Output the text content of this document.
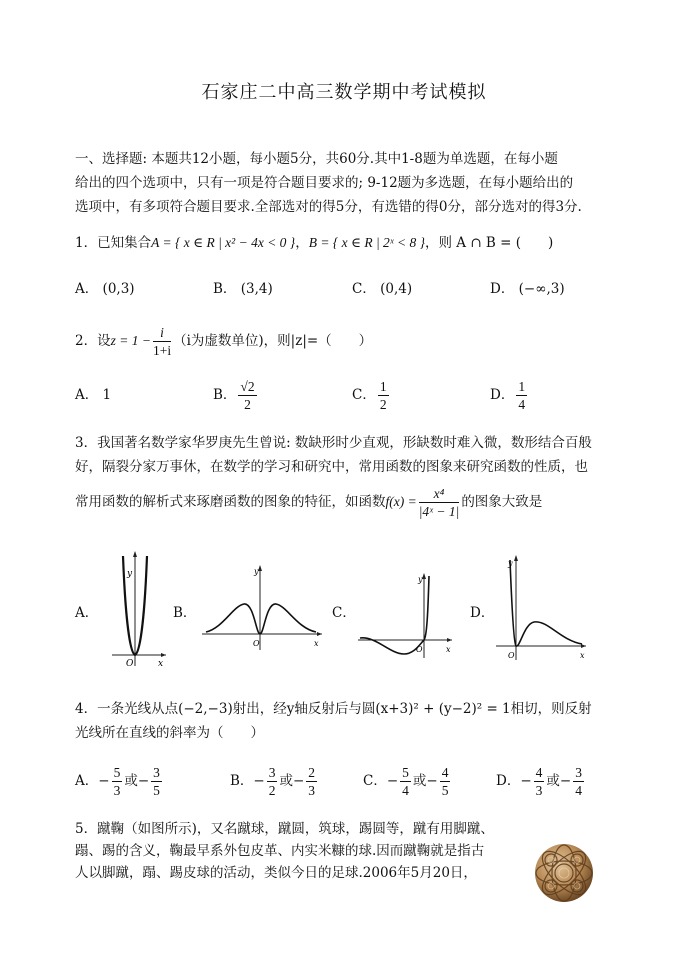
石家庄二中高三数学期中考试模拟
一、选择题: 本题共12小题，每小题5分，共60分.其中1-8题为单选题，在每小题
给出的四个选项中，只有一项是符合题目要求的; 9-12题为多选题，在每小题给出的
选项中，有多项符合题目要求.全部选对的得5分，有选错的得0分，部分选对的得3分.
1．已知集合A = { x ∈ R | x² − 4x < 0 }，B = { x ∈ R | 2ˣ < 8 }，则 A ∩ B = (　　)
A． (0,3)	B． (3,4)	C． (0,4)	D． (−∞,3)
2．设$z = 1 - \frac{i}{1+i} (i$为虚数单位)，则|z|=（　　）
A． 1	B． $\frac{√2}{2}$	C． $\frac{1}{2}$	D． $\frac{1}{4}$
3．我国著名数学家华罗庚先生曾说: 数缺形时少直观，形缺数时难入微，数形结合百般
好，隔裂分家万事休，在数学的学习和研究中，常用函数的图象来研究函数的性质，也
常用函数的解析式来琢磨函数的图象的特征，如函数$f(x) = \frac{\text{x⁴}}{\text{|4ˣ − 1|}}$ 的图象大致是
A．	B．	C．	D．
y
x
O
y
x
O
y
x
O
y
x
O
4．一条光线从点(−2,−3)射出，经y轴反射后与圆(x+3)² + (y−2)² = 1相切，则反射
光线所在直线的斜率为（　　）
A．− $\frac{5}{3}$ 或− $\frac{3}{5}$	B．− $\frac{3}{2}$ 或− $\frac{2}{3}$	C．− $\frac{5}{4}$ 或− $\frac{4}{5}$	D．− $\frac{4}{3}$ 或− $\frac{3}{4}$
5．蹴鞠（如图所示)，又名蹴球，蹴圆，筑球，踢圆等，蹴有用脚蹴、
蹋、踢的含义，鞠最早系外包皮革、内实米糠的球.因而蹴鞠就是指古
人以脚蹴，蹋、踢皮球的活动，类似今日的足球.2006年5月20日，
